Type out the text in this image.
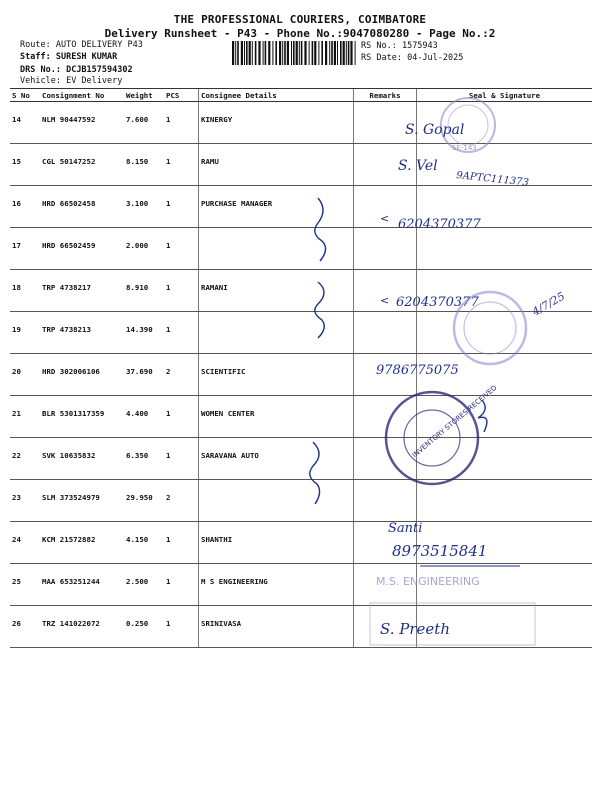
THE PROFESSIONAL COURIERS, COIMBATORE
Delivery Runsheet - P43 - Phone No.:9047080280 - Page No.:2
Route: AUTO DELIVERY P43
Staff: SURESH KUMAR
DRS No.: DCJB157594302
Vehicle: EV Delivery
RS No.: 1575943
RS Date: 04-Jul-2025
S No	Consignment No	Weight	PCS	Consignee Details	Remarks	Seal & Signature
14	NLM 90447592	7.600	1	KINERGY		
15	CGL 50147252	8.150	1	RAMU		
16	HRD 66502458	3.100	1	PURCHASE MANAGER		
17	HRD 66502459	2.000	1			
18	TRP 4738217	8.910	1	RAMANI		
19	TRP 4738213	14.390	1			
20	HRD 302006106	37.690	2	SCIENTIFIC		
21	BLR 5301317359	4.400	1	WOMEN CENTER		
22	SVK 10635832	6.350	1	SARAVANA AUTO		
23	SLM 373524979	29.950	2			
24	KCM 21572882	4.150	1	SHANTHI		
25	MAA 653251244	2.500	1	M S ENGINEERING		
26	TRZ 141022072	0.250	1	SRINIVASA		
SE-143
S. Gopal
S. Vel
9APTC111373
< 6204370377
< 6204370377	4/7/25
9786775075
INVENTORY STORES RECEIVED
Santi
8973515841
M.S. ENGINEERING
S. Preeth
